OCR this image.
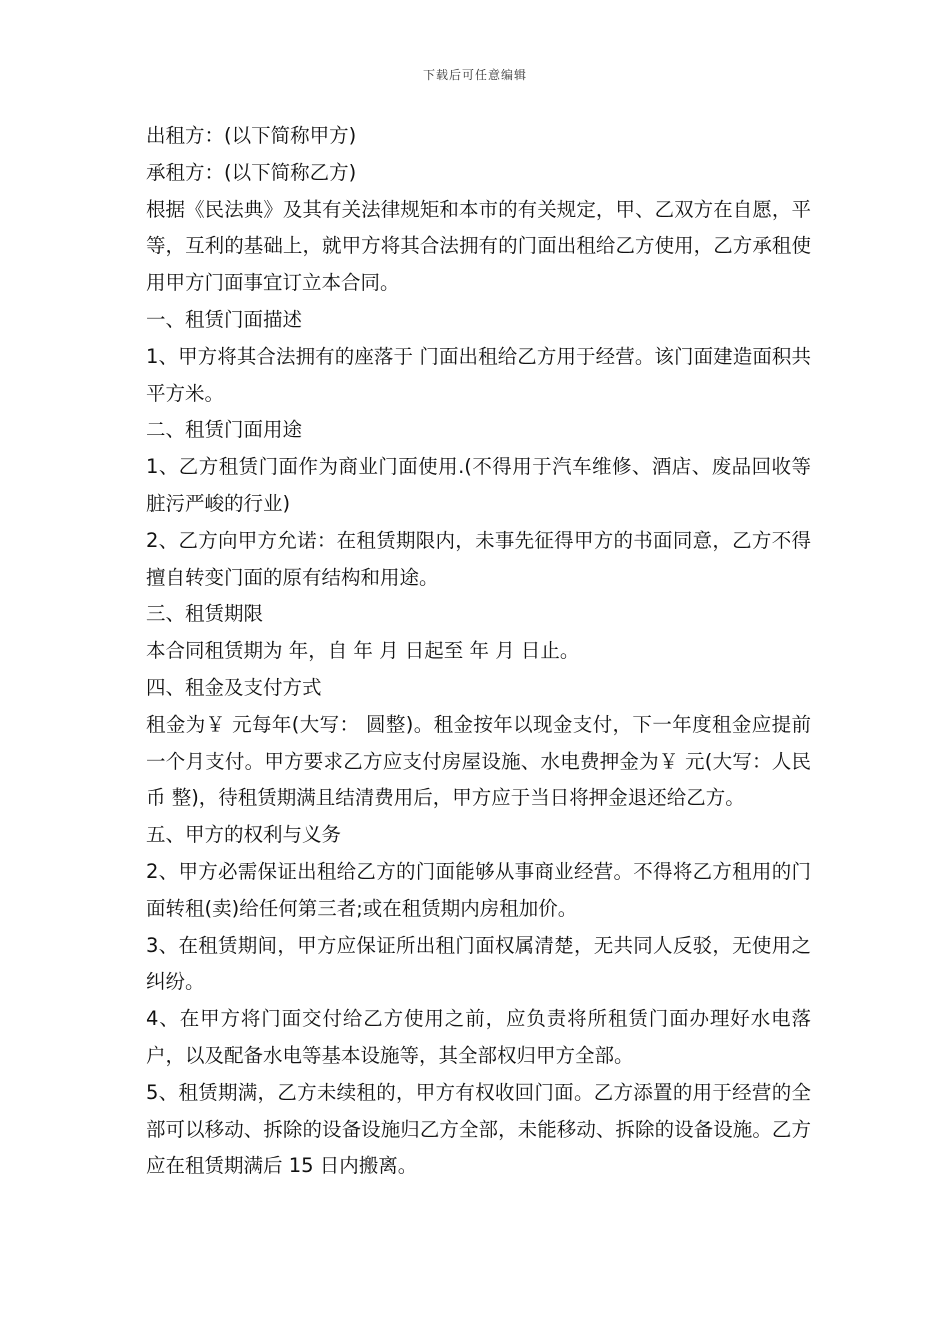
下载后可任意编辑

出租方：(以下简称甲方)

承租方：(以下简称乙方)

根据《民法典》及其有关法律规矩和本市的有关规定，甲、乙双方在自愿，平等，互利的基础上，就甲方将其合法拥有的门面出租给乙方使用，乙方承租使用甲方门面事宜订立本合同。

一、租赁门面描述

1、甲方将其合法拥有的座落于 门面出租给乙方用于经营。该门面建造面积共 平方米。

二、租赁门面用途

1、乙方租赁门面作为商业门面使用.(不得用于汽车维修、酒店、废品回收等脏污严峻的行业)

2、乙方向甲方允诺：在租赁期限内，未事先征得甲方的书面同意，乙方不得擅自转变门面的原有结构和用途。

三、租赁期限

本合同租赁期为 年，自 年 月 日起至 年 月 日止。

四、租金及支付方式

租金为￥ 元每年(大写： 圆整)。租金按年以现金支付，下一年度租金应提前一个月支付。甲方要求乙方应支付房屋设施、水电费押金为￥ 元(大写：人民币 整)，待租赁期满且结清费用后，甲方应于当日将押金退还给乙方。

五、甲方的权利与义务

2、甲方必需保证出租给乙方的门面能够从事商业经营。不得将乙方租用的门面转租(卖)给任何第三者;或在租赁期内房租加价。

3、在租赁期间，甲方应保证所出租门面权属清楚，无共同人反驳，无使用之纠纷。

4、在甲方将门面交付给乙方使用之前，应负责将所租赁门面办理好水电落户，以及配备水电等基本设施等，其全部权归甲方全部。

5、租赁期满，乙方未续租的，甲方有权收回门面。乙方添置的用于经营的全部可以移动、拆除的设备设施归乙方全部，未能移动、拆除的设备设施。乙方应在租赁期满后 15 日内搬离。
